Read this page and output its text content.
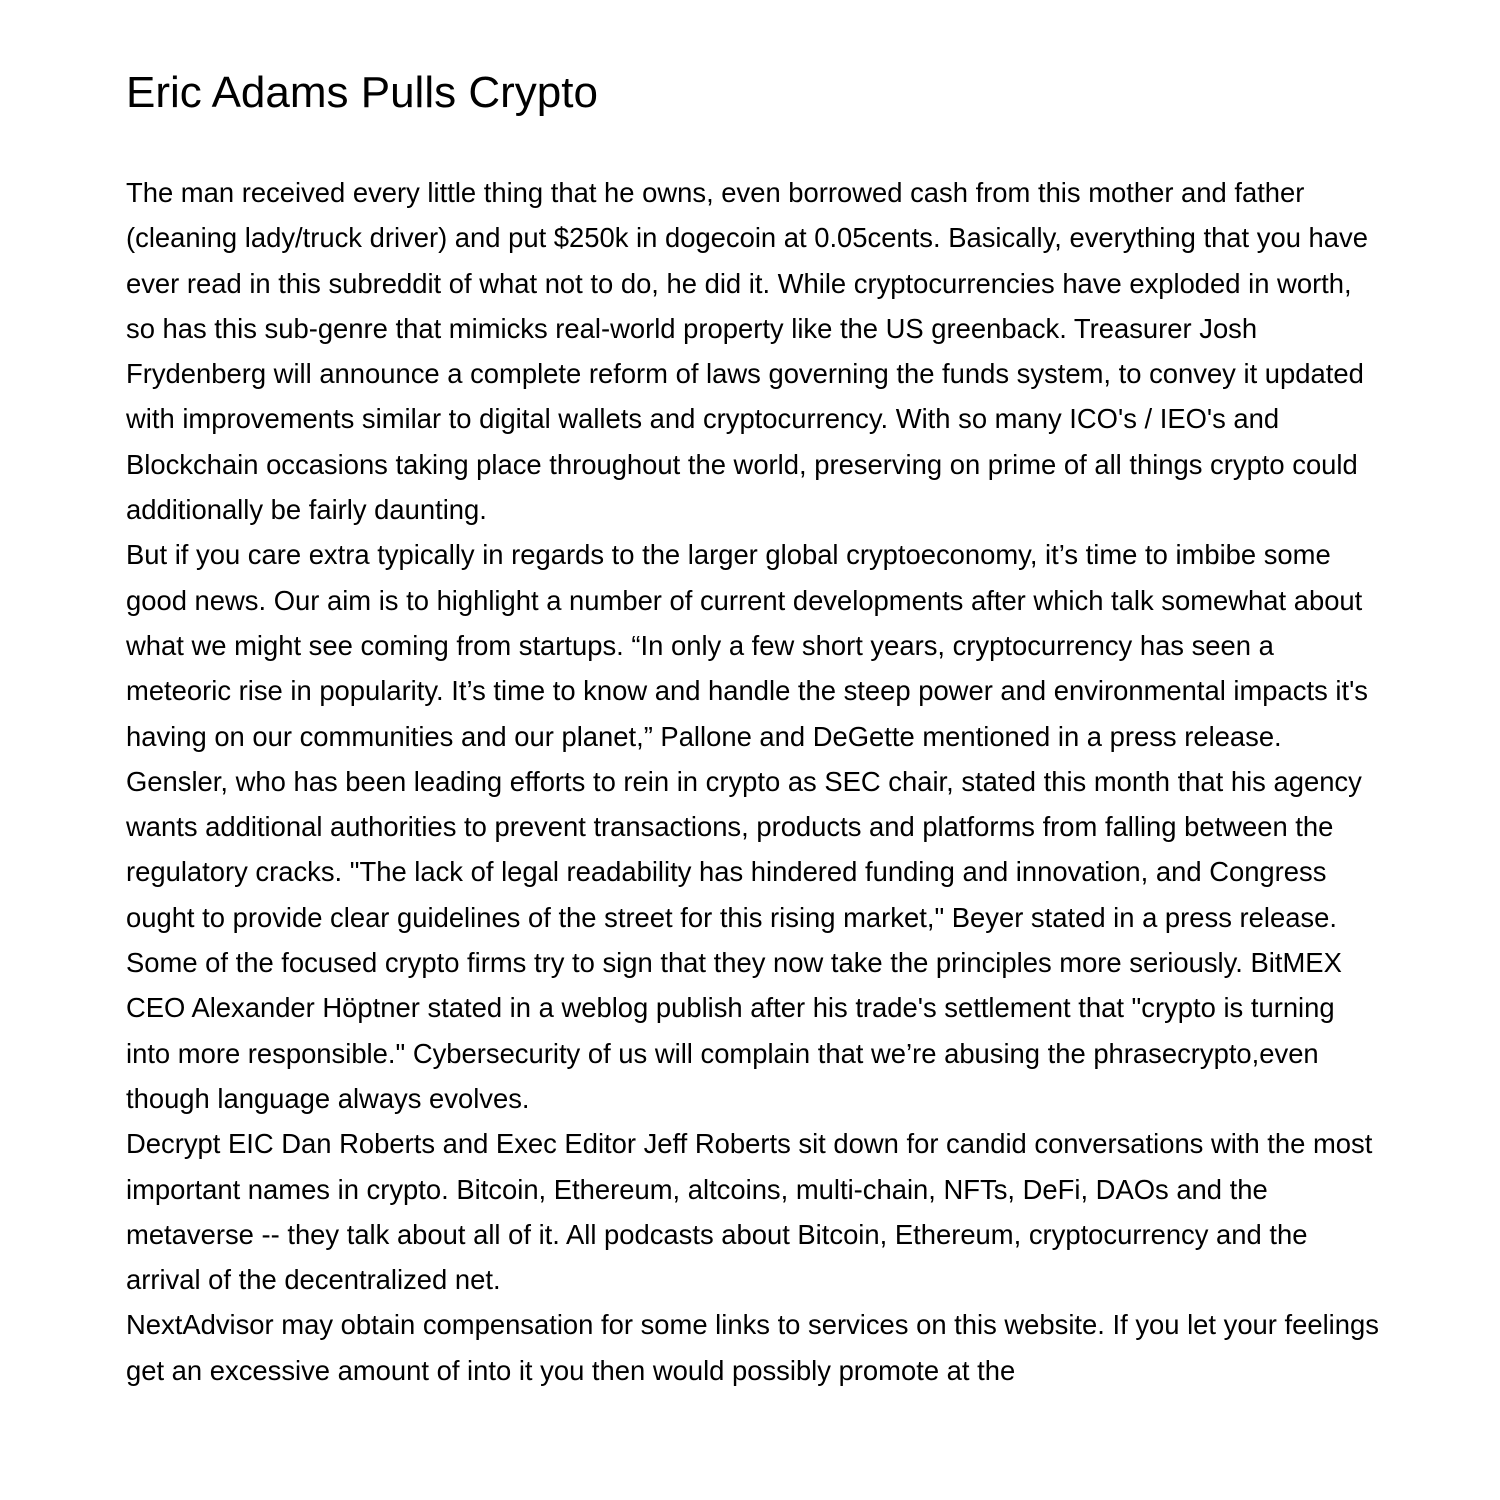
Eric Adams Pulls Crypto

The man received every little thing that he owns, even borrowed cash from this mother and father (cleaning lady/truck driver) and put $250k in dogecoin at 0.05cents. Basically, everything that you have ever read in this subreddit of what not to do, he did it. While cryptocurrencies have exploded in worth, so has this sub-genre that mimicks real-world property like the US greenback. Treasurer Josh Frydenberg will announce a complete reform of laws governing the funds system, to convey it updated with improvements similar to digital wallets and cryptocurrency. With so many ICO's / IEO's and Blockchain occasions taking place throughout the world, preserving on prime of all things crypto could additionally be fairly daunting.

But if you care extra typically in regards to the larger global cryptoeconomy, it’s time to imbibe some good news. Our aim is to highlight a number of current developments after which talk somewhat about what we might see coming from startups. “In only a few short years, cryptocurrency has seen a meteoric rise in popularity. It’s time to know and handle the steep power and environmental impacts it's having on our communities and our planet,” Pallone and DeGette mentioned in a press release.

Gensler, who has been leading efforts to rein in crypto as SEC chair, stated this month that his agency wants additional authorities to prevent transactions, products and platforms from falling between the regulatory cracks. "The lack of legal readability has hindered funding and innovation, and Congress ought to provide clear guidelines of the street for this rising market," Beyer stated in a press release. Some of the focused crypto firms try to sign that they now take the principles more seriously. BitMEX CEO Alexander Höptner stated in a weblog publish after his trade's settlement that "crypto is turning into more responsible." Cybersecurity of us will complain that we’re abusing the phrasecrypto,even though language always evolves.

Decrypt EIC Dan Roberts and Exec Editor Jeff Roberts sit down for candid conversations with the most important names in crypto. Bitcoin, Ethereum, altcoins, multi-chain, NFTs, DeFi, DAOs and the metaverse -- they talk about all of it. All podcasts about Bitcoin, Ethereum, cryptocurrency and the arrival of the decentralized net.

NextAdvisor may obtain compensation for some links to services on this website. If you let your feelings get an excessive amount of into it you then would possibly promote at the
